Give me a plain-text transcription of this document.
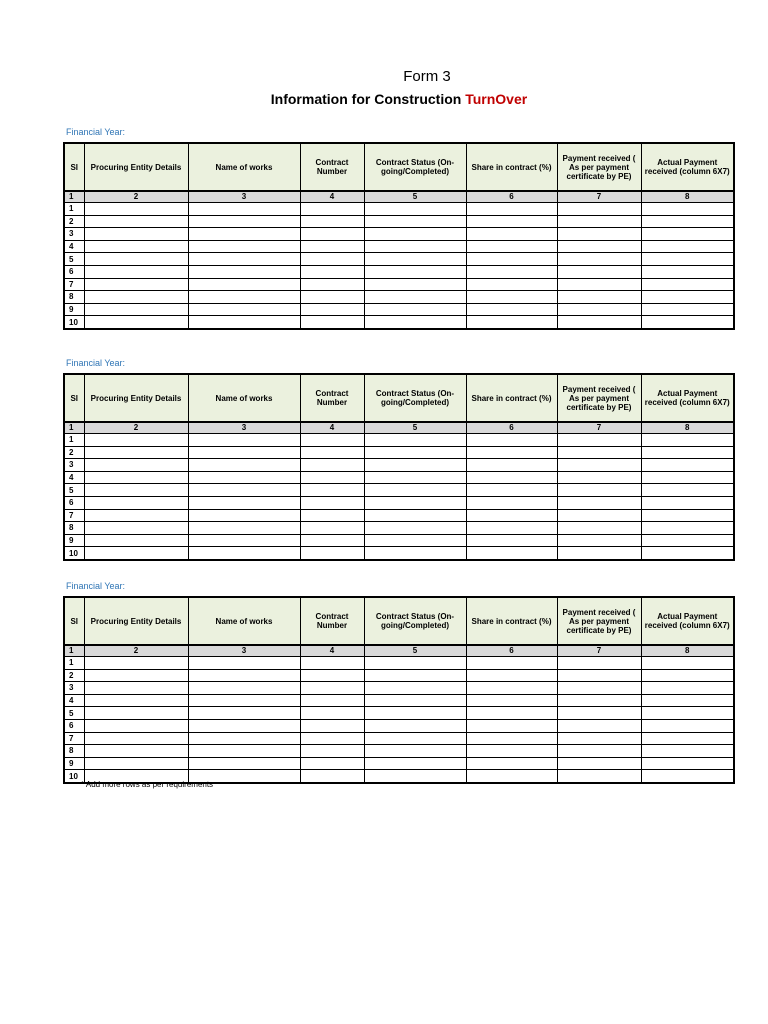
Form 3
Information for Construction TurnOver
Financial Year:
Sl	Procuring Entity Details	Name of works	Contract Number	Contract Status (On-going/Completed)	Share in contract (%)	Payment received ( As per payment certificate by PE)	Actual Payment received (column 6X7)
1	2	3	4	5	6	7	8
1							
2							
3							
4							
5							
6							
7							
8							
9							
10							
Financial Year:
Sl	Procuring Entity Details	Name of works	Contract Number	Contract Status (On-going/Completed)	Share in contract (%)	Payment received ( As per payment certificate by PE)	Actual Payment received (column 6X7)
1	2	3	4	5	6	7	8
1							
2							
3							
4							
5							
6							
7							
8							
9							
10							
Financial Year:
Sl	Procuring Entity Details	Name of works	Contract Number	Contract Status (On-going/Completed)	Share in contract (%)	Payment received ( As per payment certificate by PE)	Actual Payment received (column 6X7)
1	2	3	4	5	6	7	8
1							
2							
3							
4							
5							
6							
7							
8							
9							
10							
* Add more rows as per requirements
